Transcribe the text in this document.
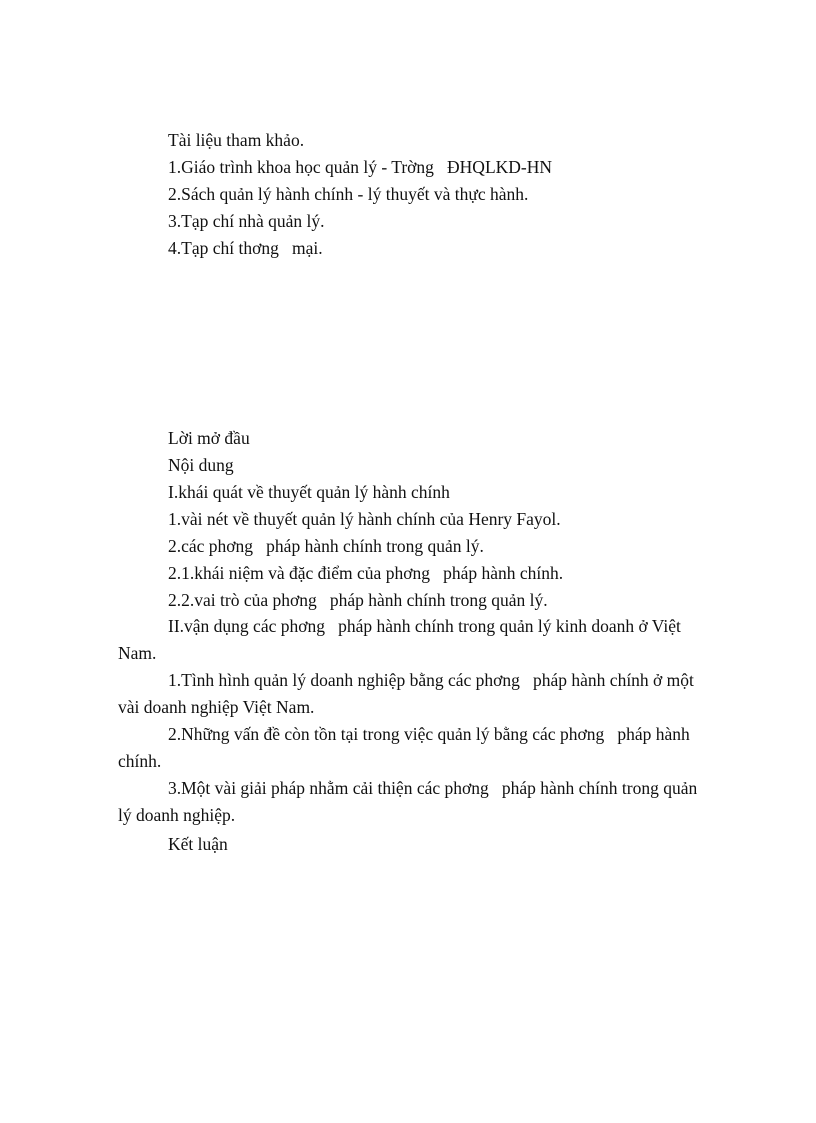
Tài liệu tham khảo.
1.Giáo trình khoa học quản lý - Trờng   ĐHQLKD-HN
2.Sách quản lý hành chính - lý thuyết và thực hành.
3.Tạp chí nhà quản lý.
4.Tạp chí thơng   mại.
Lời mở đầu
Nội dung
I.khái quát về thuyết quản lý hành chính
1.vài nét về thuyết quản lý hành chính của Henry Fayol.
2.các phơng   pháp hành chính trong quản lý.
2.1.khái niệm và đặc điểm của phơng   pháp hành chính.
2.2.vai trò của phơng   pháp hành chính trong quản lý.
II.vận dụng các phơng   pháp hành chính trong quản lý kinh doanh ở Việt Nam.
1.Tình hình quản lý doanh nghiệp bằng các phơng   pháp hành chính ở một vài doanh nghiệp Việt Nam.
2.Những vấn đề còn tồn tại trong việc quản lý bằng các phơng   pháp hành chính.
3.Một vài giải pháp nhằm cải thiện các phơng   pháp hành chính trong quản lý doanh nghiệp.
Kết luận
